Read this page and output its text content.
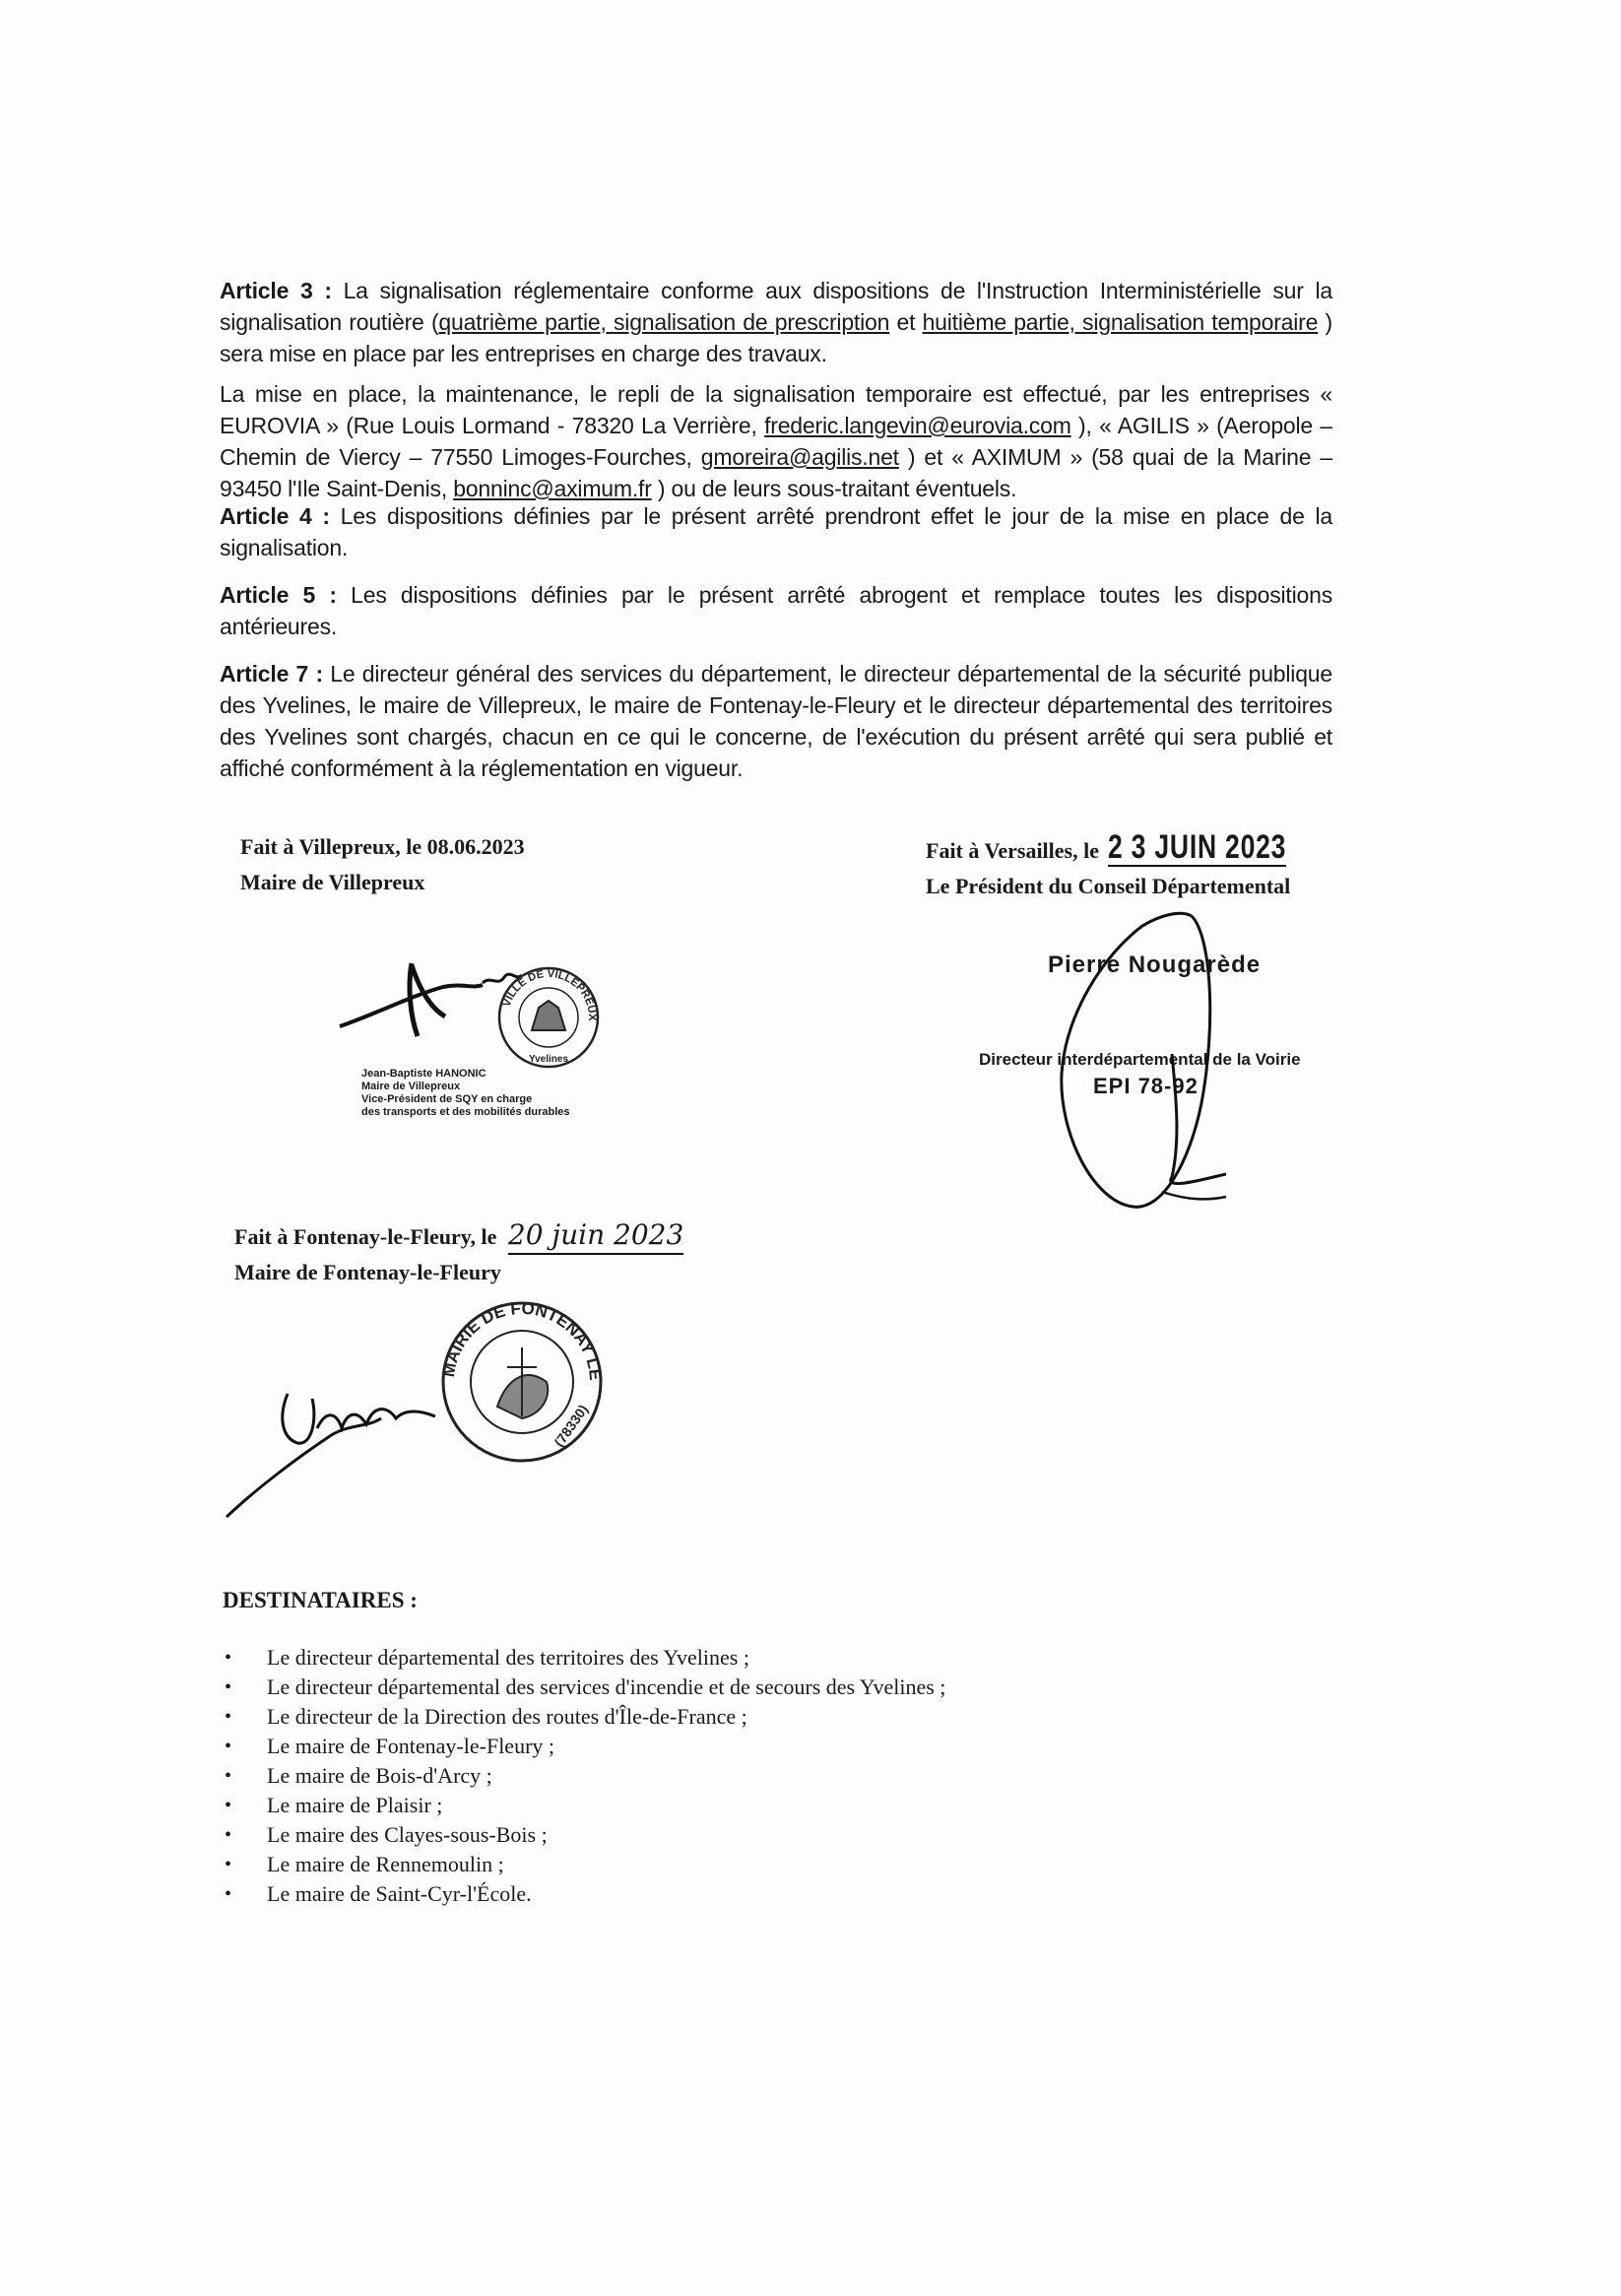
Article 3 : La signalisation réglementaire conforme aux dispositions de l'Instruction Interministérielle sur la signalisation routière (quatrième partie, signalisation de prescription et huitième partie, signalisation temporaire ) sera mise en place par les entreprises en charge des travaux.
La mise en place, la maintenance, le repli de la signalisation temporaire est effectué, par les entreprises « EUROVIA » (Rue Louis Lormand - 78320 La Verrière, frederic.langevin@eurovia.com ), « AGILIS » (Aeropole – Chemin de Viercy – 77550 Limoges-Fourches, gmoreira@agilis.net ) et « AXIMUM » (58 quai de la Marine – 93450 l'Ile Saint-Denis, bonninc@aximum.fr ) ou de leurs sous-traitant éventuels.
Article 4 : Les dispositions définies par le présent arrêté prendront effet le jour de la mise en place de la signalisation.
Article 5 : Les dispositions définies par le présent arrêté abrogent et remplace toutes les dispositions antérieures.
Article 7 : Le directeur général des services du département, le directeur départemental de la sécurité publique des Yvelines, le maire de Villepreux, le maire de Fontenay-le-Fleury et le directeur départemental des territoires des Yvelines sont chargés, chacun en ce qui le concerne, de l'exécution du présent arrêté qui sera publié et affiché conformément à la réglementation en vigueur.
Fait à Villepreux, le 08.06.2023
Maire de Villepreux
VILLE DE VILLEPREUX
Yvelines
Jean-Baptiste HANONIC
Maire de Villepreux
Vice-Président de SQY en charge
des transports et des mobilités durables
Fait à Versailles, le 2 3 JUIN 2023
Le Président du Conseil Départemental
Pierre Nougarède
Directeur interdépartemental de la Voirie
EPI 78-92
Fait à Fontenay-le-Fleury, le 20 juin 2023
Maire de Fontenay-le-Fleury
MAIRIE DE FONTENAY LE FLEURY
(78330)
DESTINATAIRES :
• Le directeur départemental des territoires des Yvelines ;
• Le directeur départemental des services d'incendie et de secours des Yvelines ;
• Le directeur de la Direction des routes d'Île-de-France ;
• Le maire de Fontenay-le-Fleury ;
• Le maire de Bois-d'Arcy ;
• Le maire de Plaisir ;
• Le maire des Clayes-sous-Bois ;
• Le maire de Rennemoulin ;
• Le maire de Saint-Cyr-l'École.
